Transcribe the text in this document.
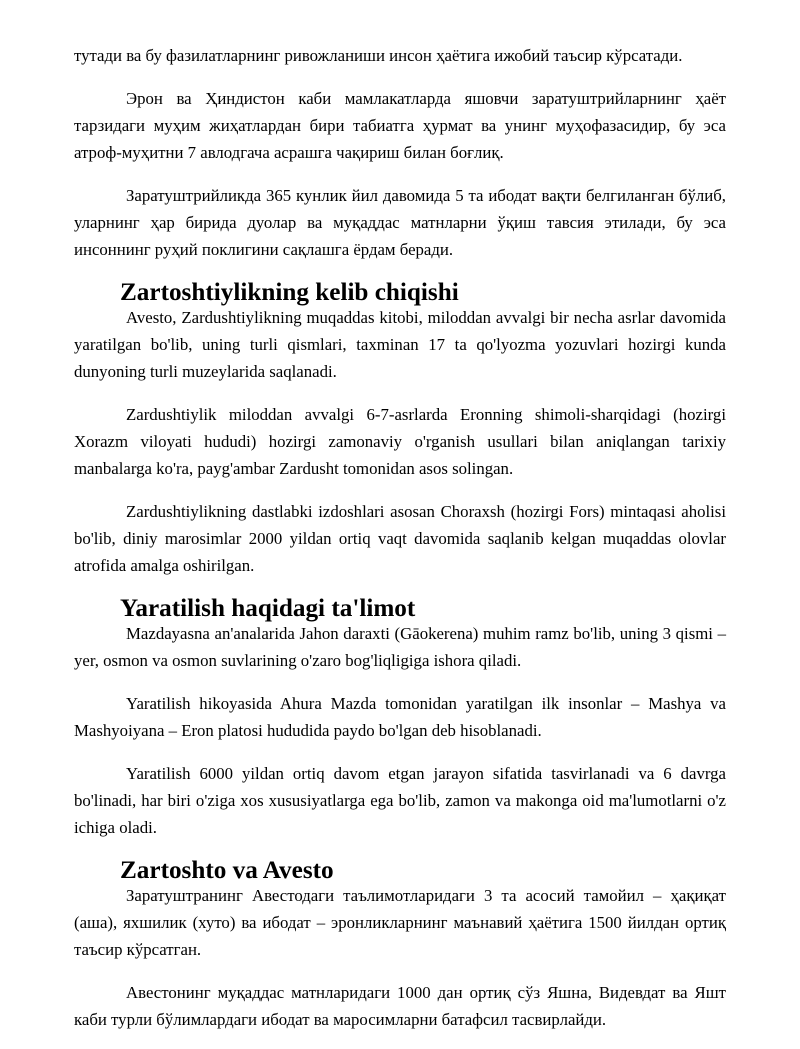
тутади ва бу фазилатларнинг ривожланиши инсон ҳаётига ижобий таъсир кўрсатади.

Эрон ва Ҳиндистон каби мамлакатларда яшовчи заратуштрийларнинг ҳаёт тарзидаги муҳим жиҳатлардан бири табиатга ҳурмат ва унинг муҳофазасидир, бу эса атроф-муҳитни 7 авлодгача асрашга чақириш билан боғлиқ.

Заратуштрийликда 365 кунлик йил давомида 5 та ибодат вақти белгиланган бўлиб, уларнинг ҳар бирида дуолар ва муқаддас матнларни ўқиш тавсия этилади, бу эса инсоннинг руҳий поклигини сақлашга ёрдам беради.

Zartoshtiylikning kelib chiqishi

Avesto, Zardushtiylikning muqaddas kitobi, miloddan avvalgi bir necha asrlar davomida yaratilgan bo'lib, uning turli qismlari, taxminan 17 ta qo'lyozma yozuvlari hozirgi kunda dunyoning turli muzeylarida saqlanadi.

Zardushtiylik miloddan avvalgi 6-7-asrlarda Eronning shimoli-sharqidagi (hozirgi Xorazm viloyati hududi) hozirgi zamonaviy o'rganish usullari bilan aniqlangan tarixiy manbalarga ko'ra, payg'ambar Zardusht tomonidan asos solingan.

Zardushtiylikning dastlabki izdoshlari asosan Choraxsh (hozirgi Fors) mintaqasi aholisi bo'lib, diniy marosimlar 2000 yildan ortiq vaqt davomida saqlanib kelgan muqaddas olovlar atrofida amalga oshirilgan.

Yaratilish haqidagi ta'limot

Mazdayasna an'analarida Jahon daraxti (Gāokerena) muhim ramz bo'lib, uning 3 qismi – yer, osmon va osmon suvlarining o'zaro bog'liqligiga ishora qiladi.

Yaratilish hikoyasida Ahura Mazda tomonidan yaratilgan ilk insonlar – Mashya va Mashyoiyana – Eron platosi hududida paydo bo'lgan deb hisoblanadi.

Yaratilish 6000 yildan ortiq davom etgan jarayon sifatida tasvirlanadi va 6 davrga bo'linadi, har biri o'ziga xos xususiyatlarga ega bo'lib, zamon va makonga oid ma'lumotlarni o'z ichiga oladi.

Zartoshto va Avesto

Заратуштранинг Авестодаги таълимотларидаги 3 та асосий тамойил – ҳақиқат (аша), яхшилик (хуто) ва ибодат – эронликларнинг маънавий ҳаётига 1500 йилдан ортиқ таъсир кўрсатган.

Авестонинг муқаддас матнларидаги 1000 дан ортиқ сўз Яшна, Видевдат ва Яшт каби турли бўлимлардаги ибодат ва маросимларни батафсил тасвирлайди.
